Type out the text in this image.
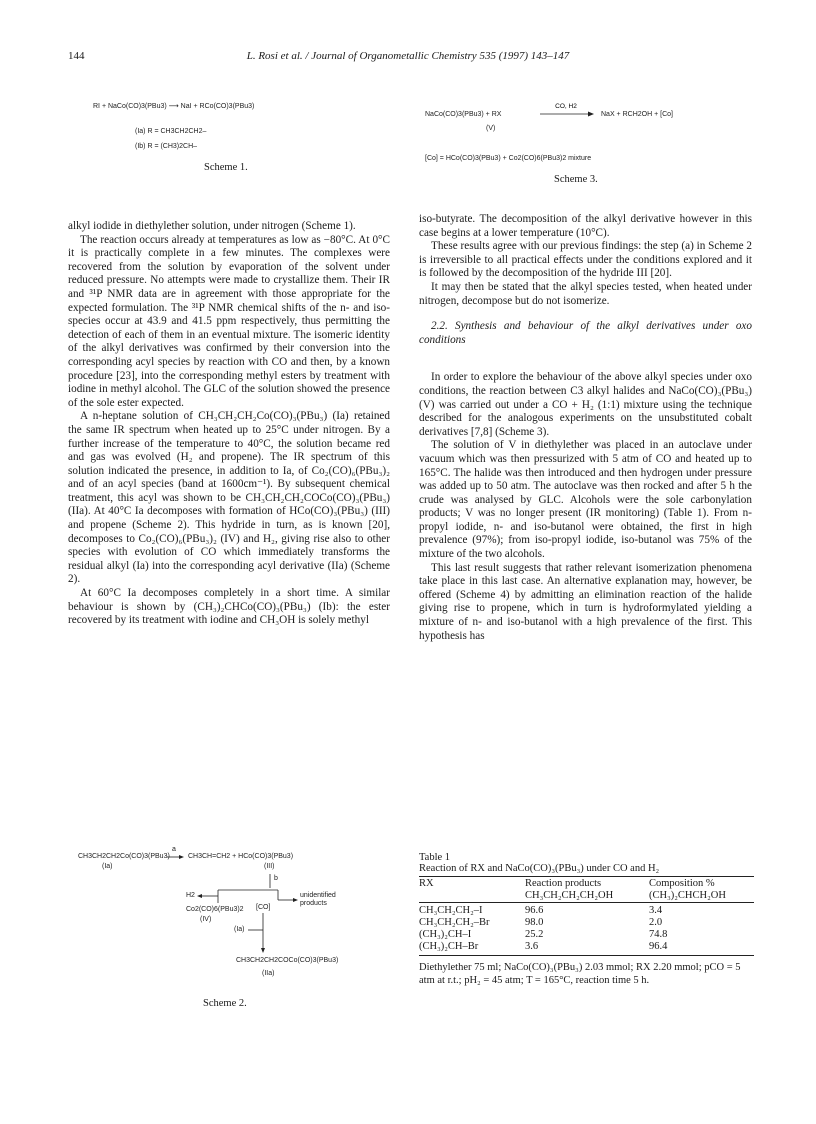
144	L. Rosi et al. / Journal of Organometallic Chemistry 535 (1997) 143–147
RI + NaCo(CO)3(PBu3) ⟶ NaI + RCo(CO)3(PBu3)
(Ia) R = CH3CH2CH2–
(Ib) R = (CH3)2CH–
Scheme 1.
NaCo(CO)3(PBu3) + RX
CO, H2
NaX + RCH2OH + [Co]
(V)
[Co] = HCo(CO)3(PBu3) + Co2(CO)6(PBu3)2 mixture
Scheme 3.

alkyl iodide in diethylether solution, under nitrogen (Scheme 1).

The reaction occurs already at temperatures as low as −80°C. At 0°C it is practically complete in a few minutes. The complexes were recovered from the solution by evaporation of the solvent under reduced pressure. No attempts were made to crystallize them. Their IR and ³¹P NMR data are in agreement with those appropriate for the expected formulation. The ³¹P NMR chemical shifts of the n- and iso-species occur at 43.9 and 41.5 ppm respectively, thus permitting the detection of each of them in an eventual mixture. The isomeric identity of the alkyl derivatives was confirmed by their conversion into the corresponding acyl species by reaction with CO and then, by a known procedure [23], into the corresponding methyl esters by treatment with iodine in methyl alcohol. The GLC of the solution showed the presence of the sole ester expected.

A n-heptane solution of CH₃CH₂CH₂Co(CO)₃(PBu₃) (Ia) retained the same IR spectrum when heated up to 25°C under nitrogen. By a further increase of the temperature to 40°C, the solution became red and gas was evolved (H₂ and propene). The IR spectrum of this solution indicated the presence, in addition to Ia, of Co₂(CO)₆(PBu₃)₂ and of an acyl species (band at 1600cm⁻¹). By subsequent chemical treatment, this acyl was shown to be CH₃CH₂CH₂COCo(CO)₃(PBu₃) (IIa). At 40°C Ia decomposes with formation of HCo(CO)₃(PBu₃) (III) and propene (Scheme 2). This hydride in turn, as is known [20], decomposes to Co₂(CO)₆(PBu₃)₂ (IV) and H₂, giving rise also to other species with evolution of CO which immediately transforms the residual alkyl (Ia) into the corresponding acyl derivative (IIa) (Scheme 2).

At 60°C Ia decomposes completely in a short time. A similar behaviour is shown by (CH₃)₂CHCo(CO)₃(PBu₃) (Ib): the ester recovered by its treatment with iodine and CH₃OH is solely methyl

iso-butyrate. The decomposition of the alkyl derivative however in this case begins at a lower temperature (10°C).

These results agree with our previous findings: the step (a) in Scheme 2 is irreversible to all practical effects under the conditions explored and it is followed by the decomposition of the hydride III [20].

It may then be stated that the alkyl species tested, when heated under nitrogen, decompose but do not isomerize.

2.2. Synthesis and behaviour of the alkyl derivatives under oxo conditions

In order to explore the behaviour of the above alkyl species under oxo conditions, the reaction between C3 alkyl halides and NaCo(CO)₃(PBu₃) (V) was carried out under a CO + H₂ (1:1) mixture using the technique described for the analogous experiments on the unsubstituted cobalt derivatives [7,8] (Scheme 3).

The solution of V in diethylether was placed in an autoclave under vacuum which was then pressurized with 5 atm of CO and heated up to 165°C. The halide was then introduced and then hydrogen under pressure was added up to 50 atm. The autoclave was then rocked and after 5 h the crude was analysed by GLC. Alcohols were the sole carbonylation products; V was no longer present (IR monitoring) (Table 1). From n-propyl iodide, n- and iso-butanol were obtained, the first in high prevalence (97%); from iso-propyl iodide, iso-butanol was 75% of the mixture of the two alcohols.

This last result suggests that rather relevant isomerization phenomena take place in this last case. An alternative explanation may, however, be offered (Scheme 4) by admitting an elimination reaction of the halide giving rise to propene, which in turn is hydroformylated yielding a mixture of n- and iso-butanol with a high prevalence of the first. This hypothesis has

CH3CH2CH2Co(CO)3(PBu3)
a
CH3CH=CH2 + HCo(CO)3(PBu3)
(Ia)	(III)
b
H2	unidentified products
Co2(CO)6(PBu3)2
(IV)
[CO]
(Ia)
CH3CH2CH2COCo(CO)3(PBu3)
(IIa)
Scheme 2.
Table 1
Reaction of RX and NaCo(CO)₃(PBu₃) under CO and H₂
RX	Reaction products	Composition %
	CH₃CH₂CH₂CH₂OH	(CH₃)₂CHCH₂OH

CH₃CH₂CH₂–I	96.6	3.4
CH₃CH₂CH₂–Br	98.0	2.0
(CH₃)₂CH–I	25.2	74.8
(CH₃)₂CH–Br	3.6	96.4
Diethylether 75 ml; NaCo(CO)₃(PBu₃) 2.03 mmol; RX 2.20 mmol; pCO = 5 atm at r.t.; pH₂ = 45 atm; T = 165°C, reaction time 5 h.
